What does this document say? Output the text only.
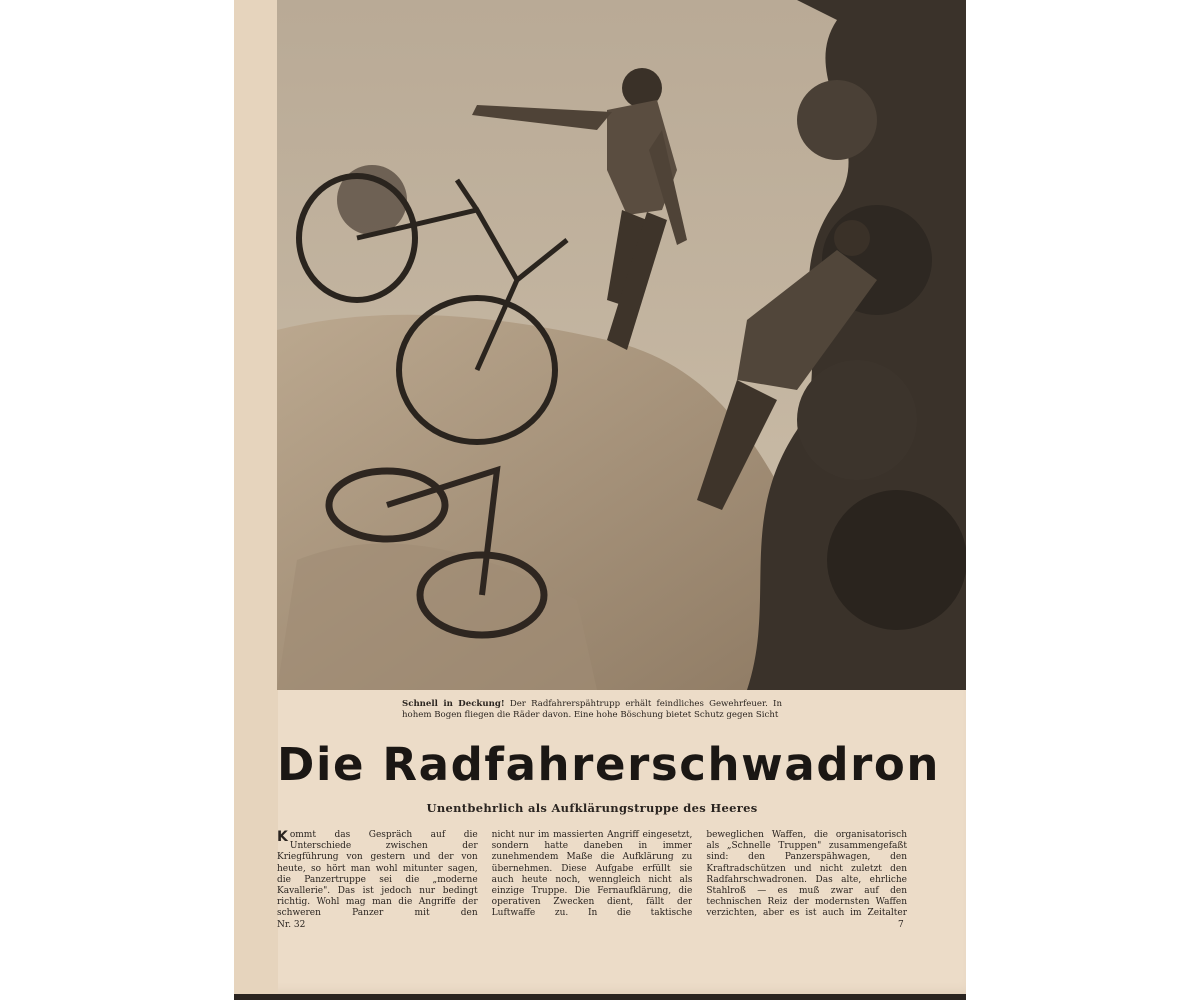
Schnell in Deckung! Der Radfahrerspähtrupp erhält feindliches Gewehrfeuer. In hohem Bogen fliegen die Räder davon. Eine hohe Böschung bietet Schutz gegen Sicht
Die Radfahrerschwadron
Unentbehrlich als Aufklärungstruppe des Heeres
Kommt das Gespräch auf die Unterschiede zwischen der Kriegführung von gestern und der von heute, so hört man wohl mitunter sagen, die Panzertruppe sei die „moderne Kavallerie". Das ist jedoch nur bedingt richtig. Wohl mag man die Angriffe der schweren Panzer mit den
nicht nur im massierten Angriff eingesetzt, sondern hatte daneben in immer zunehmendem Maße die Aufklärung zu übernehmen. Diese Aufgabe erfüllt sie auch heute noch, wenngleich nicht als einzige Truppe. Die Fernaufklärung, die operativen Zwecken dient, fällt der Luftwaffe zu. In die taktische
beweglichen Waffen, die organisatorisch als „Schnelle Truppen" zusammengefaßt sind: den Panzerspähwagen, den Kraftradschützen und nicht zuletzt den Radfahrschwadronen. Das alte, ehrliche Stahlroß — es muß zwar auf den technischen Reiz der modernsten Waffen verzichten, aber es ist auch im Zeitalter
Nr. 32	7
